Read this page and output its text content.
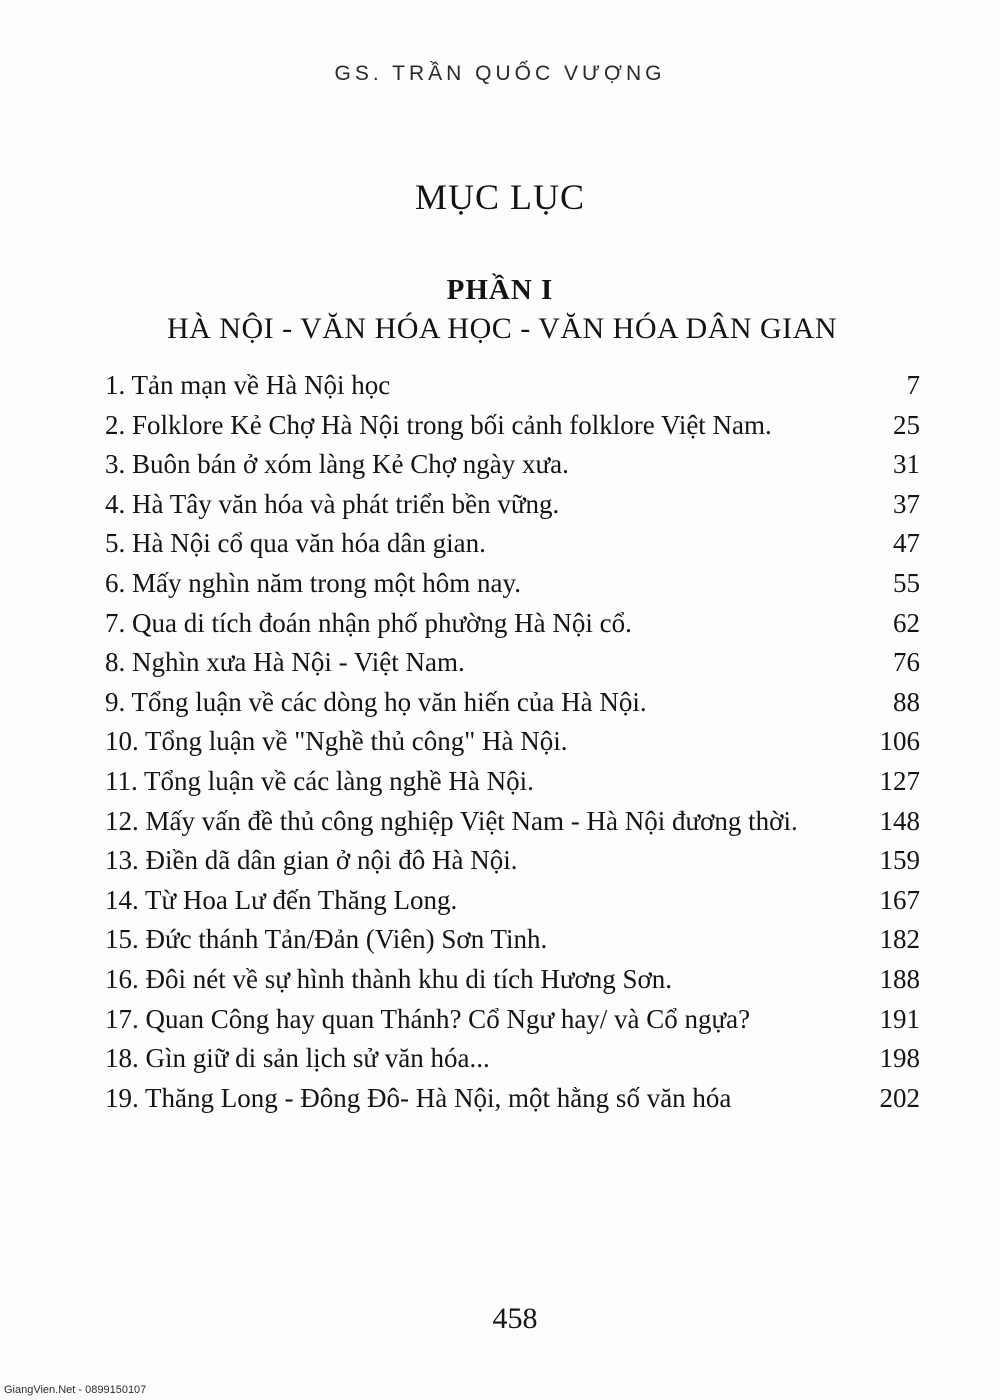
GS. TRẦN QUỐC VƯỢNG
MỤC LỤC
PHẦN I
HÀ NỘI - VĂN HÓA HỌC - VĂN HÓA DÂN GIAN
1. Tản mạn về Hà Nội học	7
2. Folklore Kẻ Chợ Hà Nội trong bối cảnh folklore Việt Nam.	25
3. Buôn bán ở xóm làng Kẻ Chợ ngày xưa.	31
4. Hà Tây văn hóa và phát triển bền vững.	37
5. Hà Nội cổ qua văn hóa dân gian.	47
6. Mấy nghìn năm trong một hôm nay.	55
7. Qua di tích đoán nhận phố phường Hà Nội cổ.	62
8. Nghìn xưa Hà Nội - Việt Nam.	76
9. Tổng luận về các dòng họ văn hiến của Hà Nội.	88
10. Tổng luận về "Nghề thủ công" Hà Nội.	106
11. Tổng luận về các làng nghề Hà Nội.	127
12. Mấy vấn đề thủ công nghiệp Việt Nam - Hà Nội đương thời.	148
13. Điền dã dân gian ở nội đô Hà Nội.	159
14. Từ Hoa Lư đến Thăng Long.	167
15. Đức thánh Tản/Đản (Viên) Sơn Tinh.	182
16. Đôi nét về sự hình thành khu di tích Hương Sơn.	188
17. Quan Công hay quan Thánh? Cổ Ngư hay/ và Cổ ngựa?	191
18. Gìn giữ di sản lịch sử văn hóa...	198
19. Thăng Long - Đông Đô- Hà Nội, một hằng số văn hóa	202
458
GiangVien.Net - 0899150107
